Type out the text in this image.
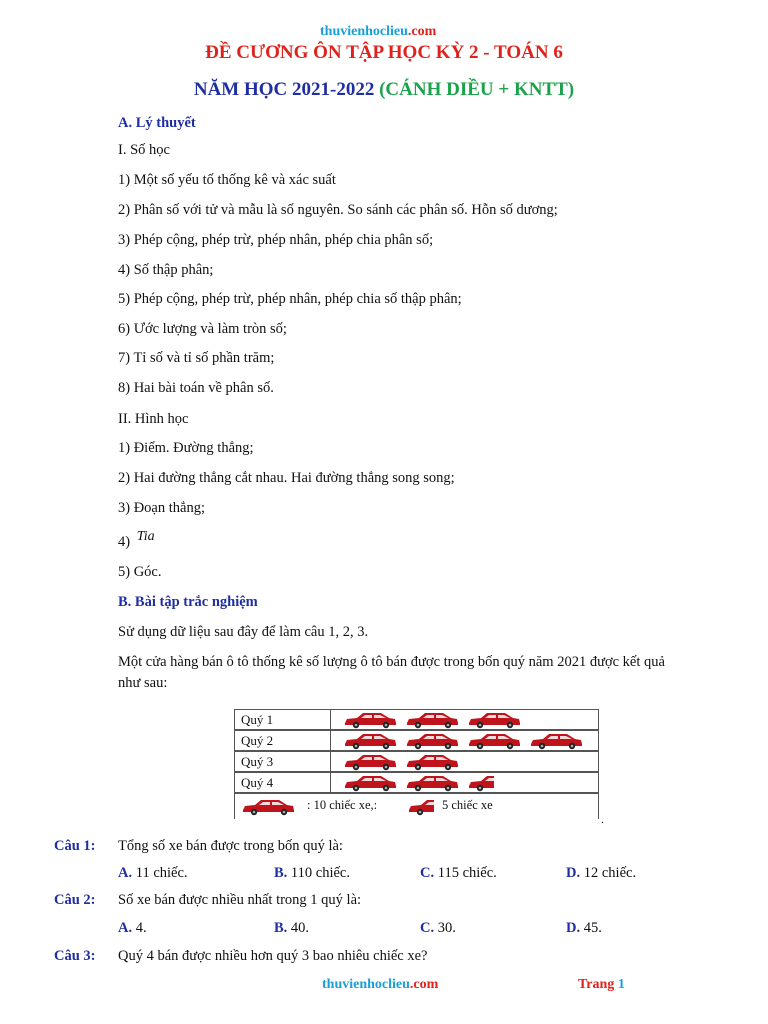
thuvienhoclieu.com
ĐỀ CƯƠNG ÔN TẬP HỌC KỲ 2 - TOÁN 6
NĂM HỌC 2021-2022 (CÁNH DIỀU + KNTT)
A. Lý thuyết
I. Số học
1) Một số yếu tố thống kê và xác suất
2) Phân số với tử và mẫu là số nguyên. So sánh các phân số. Hỗn số dương;
3) Phép cộng, phép trừ, phép nhân, phép chia phân số;
4) Số thập phân;
5) Phép cộng, phép trừ, phép nhân, phép chia số thập phân;
6) Ước lượng và làm tròn số;
7) Tỉ số và tỉ số phần trăm;
8) Hai bài toán về phân số.
II. Hình học
1) Điểm. Đường thẳng;
2) Hai đường thẳng cắt nhau. Hai đường thẳng song song;
3) Đoạn thẳng;
4) Tia
5) Góc.
B. Bài tập trắc nghiệm
Sử dụng dữ liệu sau đây để làm câu 1, 2, 3.
Một cửa hàng bán ô tô thống kê số lượng ô tô bán được trong bốn quý năm 2021 được kết quả
như sau:
Quý 1
Quý 2
Quý 3
Quý 4
: 10 chiếc xe,:	5 chiếc xe
.
Câu 1: Tổng số xe bán được trong bốn quý là:
A. 11 chiếc.	B. 110 chiếc.	C. 115 chiếc.	D. 12 chiếc.
Câu 2: Số xe bán được nhiều nhất trong 1 quý là:
A. 4.	B. 40.	C. 30.	D. 45.
Câu 3: Quý 4 bán được nhiều hơn quý 3 bao nhiêu chiếc xe?
thuvienhoclieu.com	Trang 1
